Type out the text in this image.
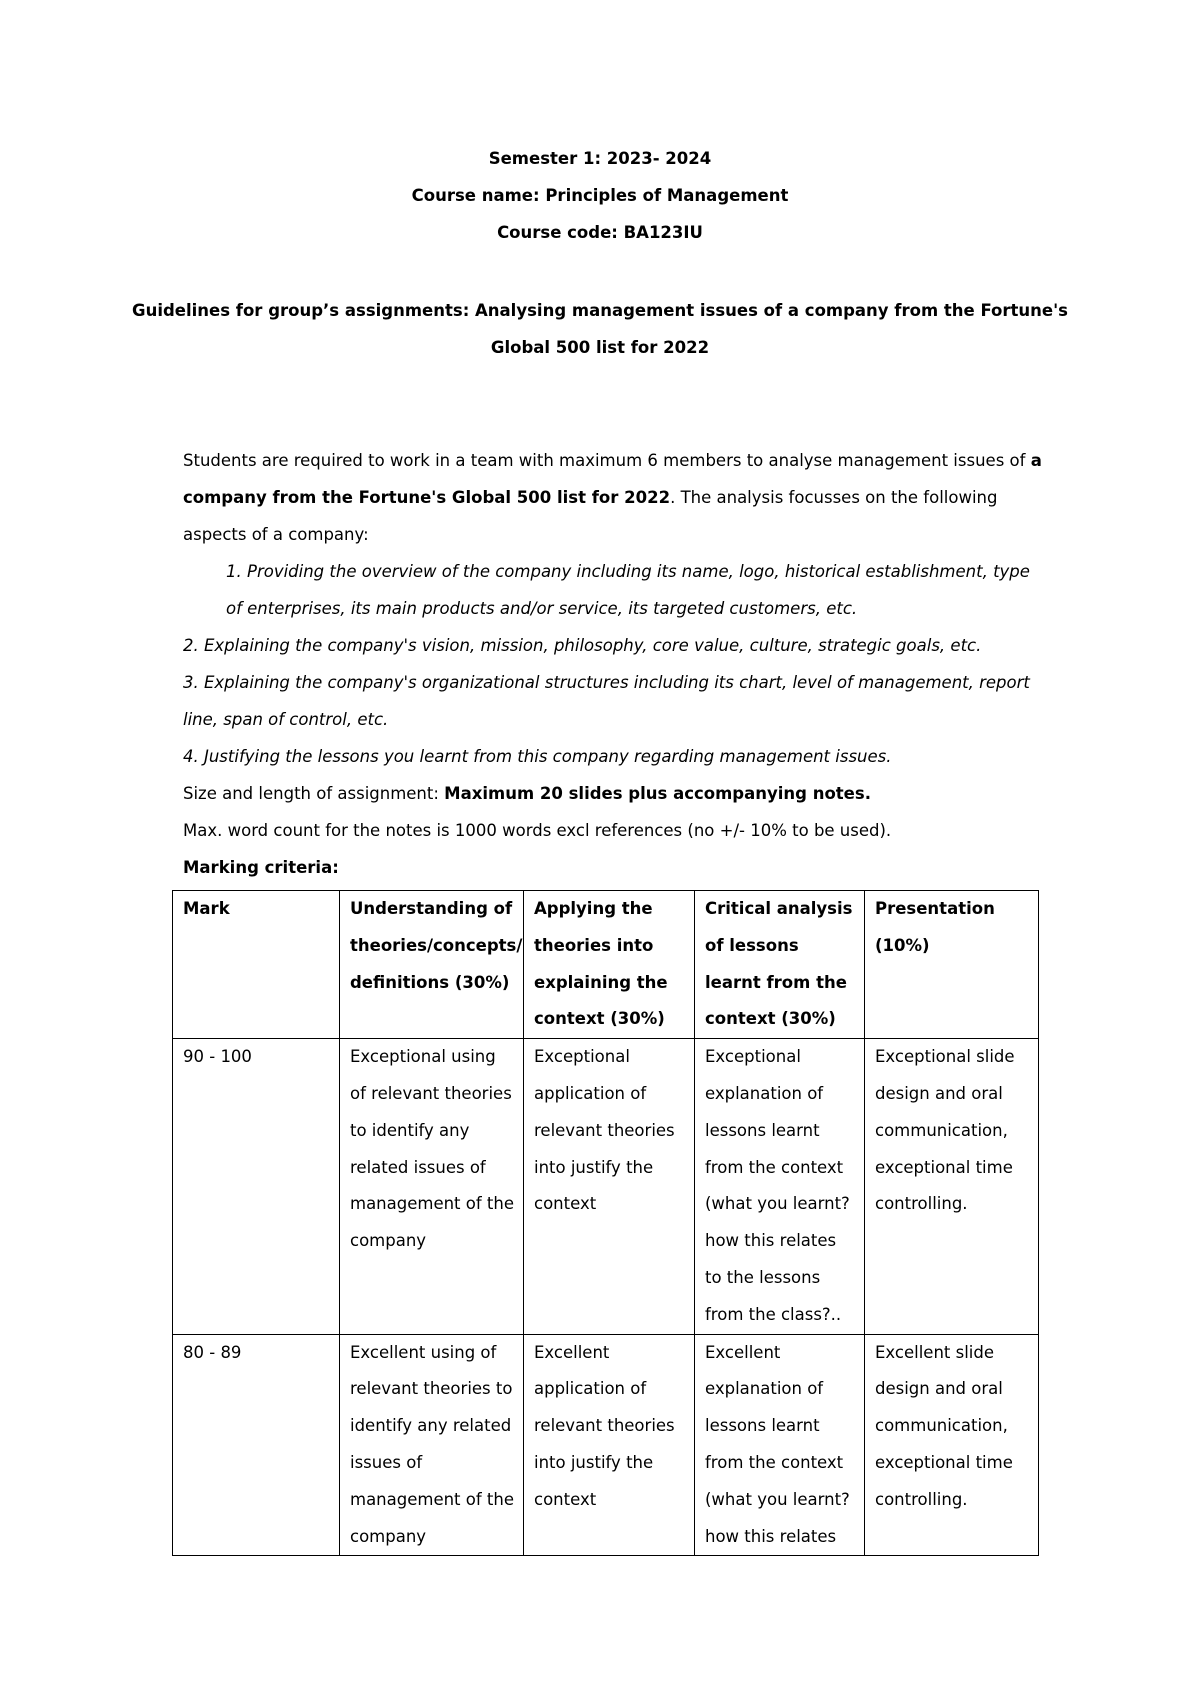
Semester 1: 2023- 2024
Course name: Principles of Management
Course code: BA123IU
Guidelines for group’s assignments: Analysing management issues of a company from the Fortune's
Global 500 list for 2022

Students are required to work in a team with maximum 6 members to analyse management issues of a company from the Fortune's Global 500 list for 2022. The analysis focusses on the following aspects of a company:

1. Providing the overview of the company including its name, logo, historical establishment, type of enterprises, its main products and/or service, its targeted customers, etc.

2. Explaining the company's vision, mission, philosophy, core value, culture, strategic goals, etc.

3. Explaining the company's organizational structures including its chart, level of management, report line, span of control, etc.

4. Justifying the lessons you learnt from this company regarding management issues.

Size and length of assignment: Maximum 20 slides plus accompanying notes.

Max. word count for the notes is 1000 words excl references (no +/- 10% to be used).

Marking criteria:

Mark	Understanding of theories/concepts/ definitions (30%)	Applying the theories into explaining the context (30%)	Critical analysis of lessons learnt from the context (30%)	Presentation (10%)
90 - 100	Exceptional using of relevant theories to identify any related issues of management of the company	Exceptional application of relevant theories into justify the context	Exceptional explanation of lessons learnt from the context (what you learnt? how this relates to the lessons from the class?..	Exceptional slide design and oral communication, exceptional time controlling.
80 - 89	Excellent using of relevant theories to identify any related issues of management of the company	Excellent application of relevant theories into justify the context	Excellent explanation of lessons learnt from the context (what you learnt? how this relates	Excellent slide design and oral communication, exceptional time controlling.
